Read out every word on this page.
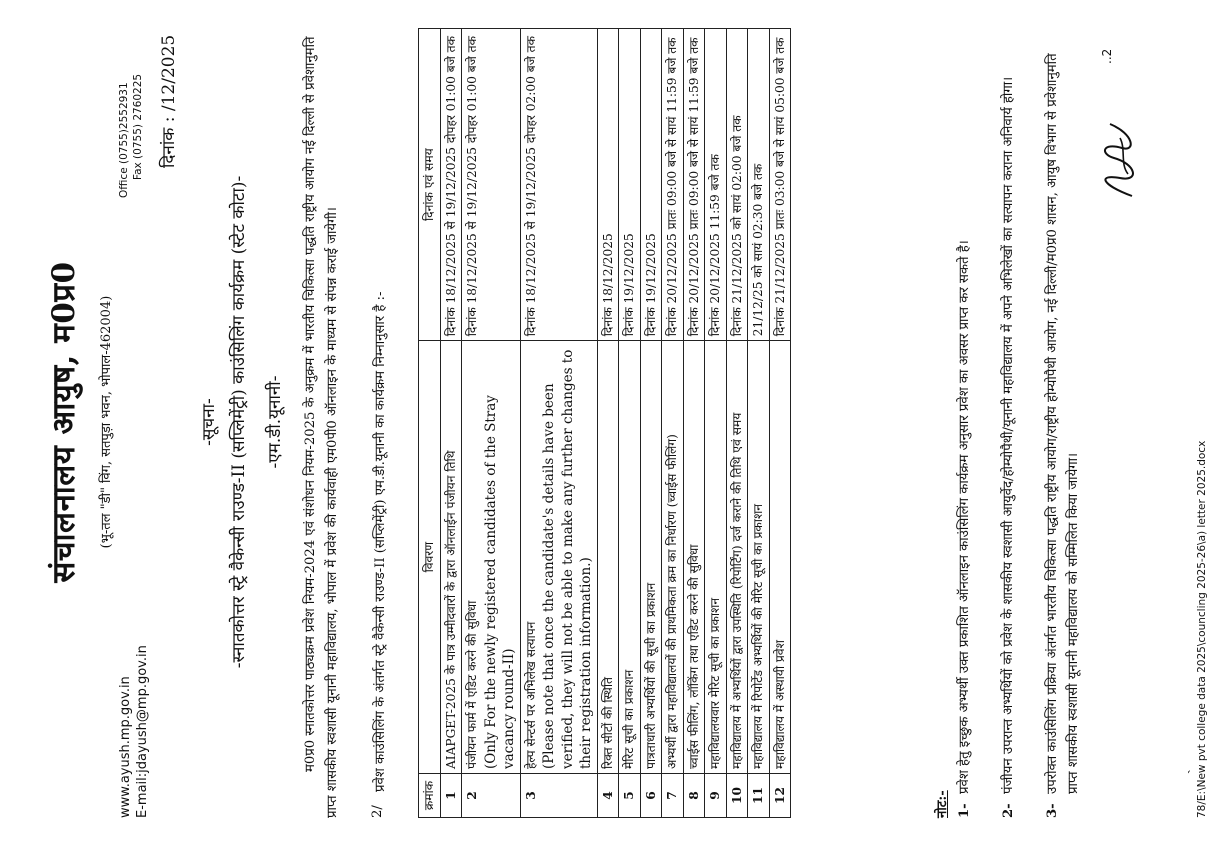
www.ayush.mp.gov.in E-mail:jdayush@mp.gov.in
संचालनालय आयुष, म0प्र0 (भू-तल "डी" विंग, सतपुड़ा भवन, भोपाल-462004)
Office (0755)2552931 Fax (0755) 2760225 दिनांक : /12/2025
-सूचना- -स्नातकोत्तर स्ट्रे वैकेन्सी राउण्ड-II (सप्लिमेंट्री) काउंसिलिंग कार्यक्रम (स्टेट कोटा)- -एम.डी.यूनानी- म0प्र0 स्नातकोत्तर पाठ्यक्रम प्रवेश नियम-2024 एवं संशोधन नियम-2025 के अनुक्रम में भारतीय चिकित्सा पद्धति राष्ट्रीय आयोग नई दिल्ली से प्रवेशानुमति प्राप्त शासकीय स्वशासी यूनानी महाविद्यालय, भोपाल में प्रवेश की कार्यवाही एम0पी0 ऑनलाइन के माध्यम से संपन्न कराई जायेगी।	2/
प्रवेश काउंसिलिंग के अंतर्गत स्ट्रे वैकेन्सी राउण्ड-II (सप्लिमेंट्री) एम.डी.यूनानी का कार्यक्रम निम्नानुसार है :-
क्रमांक	विवरण	दिनांक एवं समय
1	AIAPGET-2025 के पात्र उम्मीदवारों के द्वारा ऑनलाईन पंजीयन तिथि	दिनांक 18/12/2025 से 19/12/2025 दोपहर 01:00 बजे तक
2	पंजीयन फार्म में एडिट करने की सुविधा (Only For the newly registered candidates of the Stray vacancy round-II)	दिनांक 18/12/2025 से 19/12/2025 दोपहर 01:00 बजे तक
3	हेल्प सेन्टर्स पर अभिलेख सत्यापन (Please note that once the candidate's details have been verified, they will not be able to make any further changes to their registration information.)	दिनांक 18/12/2025 से 19/12/2025 दोपहर 02:00 बजे तक
4	रिक्त सीटों की स्थिति	दिनांक 18/12/2025
5	मेरिट सूची का प्रकाशन	दिनांक 19/12/2025
6	पात्रताधारी अभ्यर्थियों की सूची का प्रकाशन	दिनांक 19/12/2025
7	अभ्यर्थी द्वारा महाविद्यालयों की प्राथमिकता क्रम का निर्धारण (च्वाईस फीलिंग)	दिनांक 20/12/2025 प्रातः 09:00 बजे से सायं 11:59 बजे तक
8	च्वाईस फीलिंग, लॉकिंग तथा एडिट करने की सुविधा	दिनांक 20/12/2025 प्रातः 09:00 बजे से सायं 11:59 बजे तक
9	महाविद्यालयवार मेरिट सूची का प्रकाशन	दिनांक 20/12/2025 11:59 बजे तक
10	महाविद्यालय में अभ्यर्थियों द्वारा उपस्थिति (रिपोर्टिंग) दर्ज कराने की तिथि एवं समय	दिनांक 21/12/2025 को सायं 02:00 बजे तक
11	महाविद्यालय में रिपोर्टेड अभ्यर्थियों की मेरिट सूची का प्रकाशन	21/12/25 को सायं 02:30 बजे तक
12	महाविद्यालय में अस्थायी प्रवेश	दिनांक 21/12/2025 प्रातः 03:00 बजे से सायं 05:00 बजे तक
नोट:- 1-
प्रवेश हेतु इच्छुक अभ्यर्थी उक्त प्रकाशित ऑनलाइन काउंसिलिंग कार्यक्रम अनुसार प्रवेश का अवसर प्राप्त कर सकते है।
2-
पंजीयन उपरान्त अभ्यर्थियों को प्रवेश के शासकीय स्वशासी आयुर्वेद/होम्योपैथी/यूनानी महाविद्यालय में अपने अभिलेखों का सत्यापन कराना अनिवार्य होगा।
3-
उपरोक्त काउंसिलिंग प्रक्रिया अंतर्गत भारतीय चिकित्सा पद्धति राष्ट्रीय आयोग/राष्ट्रीय होम्योपैथी आयोग, नई दिल्ली/म0प्र0 शासन, आयुष विभाग से प्रवेशानुमति प्राप्त शासकीय स्वशासी यूनानी महाविद्यालय को सम्मिलित किया जायेगा।
..2
78/E:\New pvt college data 2025\councling 2025-26\a) letter 2025.docx
ˎ
